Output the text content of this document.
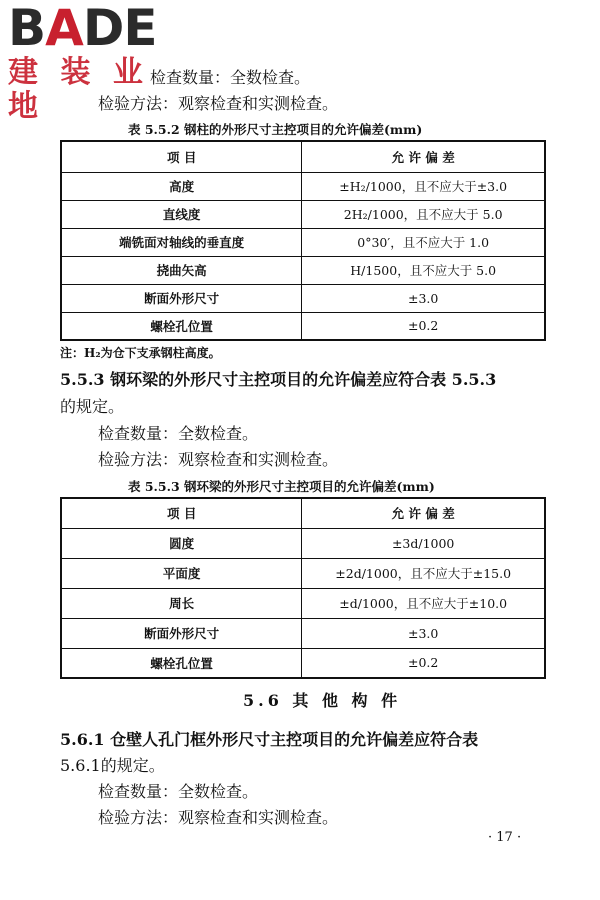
BADE
建 装 业 地
检查数量：全数检查。
检验方法：观察检查和实测检查。
表 5.5.2 钢柱的外形尺寸主控项目的允许偏差(mm)
项 目	允 许 偏 差
高度	±H₂/1000，且不应大于±3.0
直线度	2H₂/1000，且不应大于 5.0
端铣面对轴线的垂直度	0°30′，且不应大于 1.0
挠曲矢高	H/1500，且不应大于 5.0
断面外形尺寸	±3.0
螺栓孔位置	±0.2
注：H₂为仓下支承钢柱高度。
5.5.3 钢环梁的外形尺寸主控项目的允许偏差应符合表 5.5.3
的规定。
检查数量：全数检查。
检验方法：观察检查和实测检查。
表 5.5.3 钢环梁的外形尺寸主控项目的允许偏差(mm)
项 目	允 许 偏 差
圆度	±3d/1000
平面度	±2d/1000，且不应大于±15.0
周长	±d/1000，且不应大于±10.0
断面外形尺寸	±3.0
螺栓孔位置	±0.2
5.6 其 他 构 件
5.6.1 仓壁人孔门框外形尺寸主控项目的允许偏差应符合表
5.6.1的规定。
检查数量：全数检查。
检验方法：观察检查和实测检查。
· 17 ·
